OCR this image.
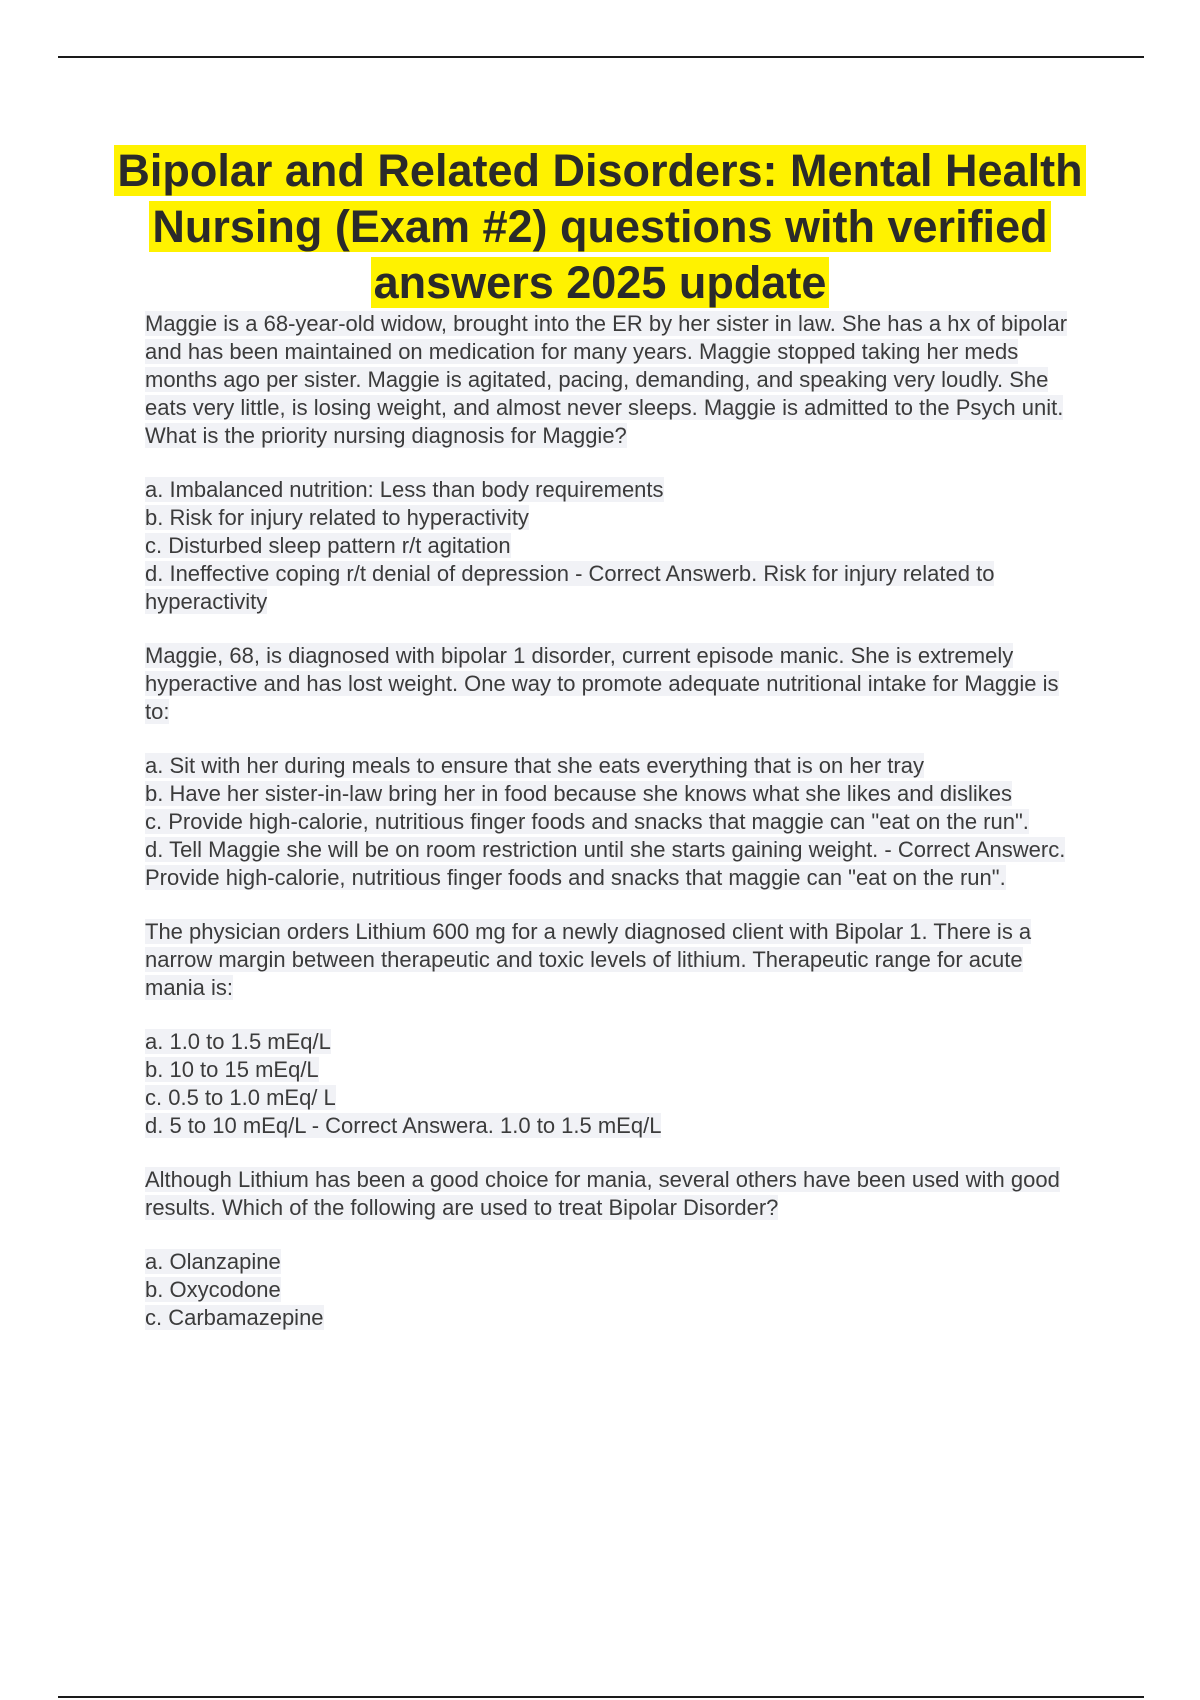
Bipolar and Related Disorders: Mental Health Nursing (Exam #2) questions with verified answers 2025 update

Maggie is a 68-year-old widow, brought into the ER by her sister in law. She has a hx of bipolar and has been maintained on medication for many years. Maggie stopped taking her meds months ago per sister. Maggie is agitated, pacing, demanding, and speaking very loudly. She eats very little, is losing weight, and almost never sleeps. Maggie is admitted to the Psych unit. What is the priority nursing diagnosis for Maggie?

a. Imbalanced nutrition: Less than body requirements
b. Risk for injury related to hyperactivity
c. Disturbed sleep pattern r/t agitation
d. Ineffective coping r/t denial of depression - Correct Answerb. Risk for injury related to hyperactivity

Maggie, 68, is diagnosed with bipolar 1 disorder, current episode manic. She is extremely hyperactive and has lost weight. One way to promote adequate nutritional intake for Maggie is to:

a. Sit with her during meals to ensure that she eats everything that is on her tray
b. Have her sister-in-law bring her in food because she knows what she likes and dislikes
c. Provide high-calorie, nutritious finger foods and snacks that maggie can "eat on the run".
d. Tell Maggie she will be on room restriction until she starts gaining weight. - Correct Answerc. Provide high-calorie, nutritious finger foods and snacks that maggie can "eat on the run".

The physician orders Lithium 600 mg for a newly diagnosed client with Bipolar 1. There is a narrow margin between therapeutic and toxic levels of lithium. Therapeutic range for acute mania is:

a. 1.0 to 1.5 mEq/L
b. 10 to 15 mEq/L
c. 0.5 to 1.0 mEq/ L
d. 5 to 10 mEq/L - Correct Answera. 1.0 to 1.5 mEq/L

Although Lithium has been a good choice for mania, several others have been used with good results. Which of the following are used to treat Bipolar Disorder?

a. Olanzapine
b. Oxycodone
c. Carbamazepine
